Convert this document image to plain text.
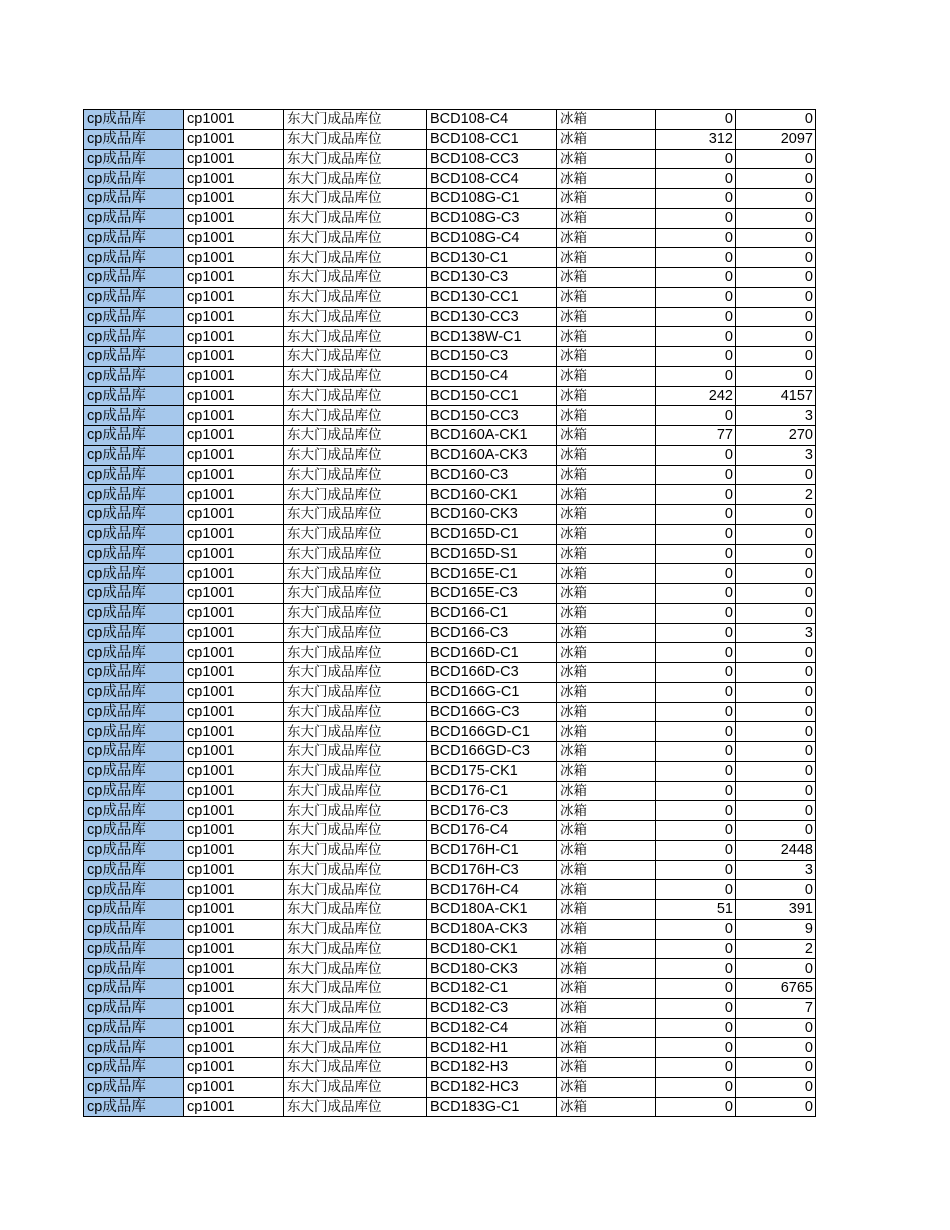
cp成品库	cp1001	东大门成品库位	BCD108-C4	冰箱	0	0
cp成品库	cp1001	东大门成品库位	BCD108-CC1	冰箱	312	2097
cp成品库	cp1001	东大门成品库位	BCD108-CC3	冰箱	0	0
cp成品库	cp1001	东大门成品库位	BCD108-CC4	冰箱	0	0
cp成品库	cp1001	东大门成品库位	BCD108G-C1	冰箱	0	0
cp成品库	cp1001	东大门成品库位	BCD108G-C3	冰箱	0	0
cp成品库	cp1001	东大门成品库位	BCD108G-C4	冰箱	0	0
cp成品库	cp1001	东大门成品库位	BCD130-C1	冰箱	0	0
cp成品库	cp1001	东大门成品库位	BCD130-C3	冰箱	0	0
cp成品库	cp1001	东大门成品库位	BCD130-CC1	冰箱	0	0
cp成品库	cp1001	东大门成品库位	BCD130-CC3	冰箱	0	0
cp成品库	cp1001	东大门成品库位	BCD138W-C1	冰箱	0	0
cp成品库	cp1001	东大门成品库位	BCD150-C3	冰箱	0	0
cp成品库	cp1001	东大门成品库位	BCD150-C4	冰箱	0	0
cp成品库	cp1001	东大门成品库位	BCD150-CC1	冰箱	242	4157
cp成品库	cp1001	东大门成品库位	BCD150-CC3	冰箱	0	3
cp成品库	cp1001	东大门成品库位	BCD160A-CK1	冰箱	77	270
cp成品库	cp1001	东大门成品库位	BCD160A-CK3	冰箱	0	3
cp成品库	cp1001	东大门成品库位	BCD160-C3	冰箱	0	0
cp成品库	cp1001	东大门成品库位	BCD160-CK1	冰箱	0	2
cp成品库	cp1001	东大门成品库位	BCD160-CK3	冰箱	0	0
cp成品库	cp1001	东大门成品库位	BCD165D-C1	冰箱	0	0
cp成品库	cp1001	东大门成品库位	BCD165D-S1	冰箱	0	0
cp成品库	cp1001	东大门成品库位	BCD165E-C1	冰箱	0	0
cp成品库	cp1001	东大门成品库位	BCD165E-C3	冰箱	0	0
cp成品库	cp1001	东大门成品库位	BCD166-C1	冰箱	0	0
cp成品库	cp1001	东大门成品库位	BCD166-C3	冰箱	0	3
cp成品库	cp1001	东大门成品库位	BCD166D-C1	冰箱	0	0
cp成品库	cp1001	东大门成品库位	BCD166D-C3	冰箱	0	0
cp成品库	cp1001	东大门成品库位	BCD166G-C1	冰箱	0	0
cp成品库	cp1001	东大门成品库位	BCD166G-C3	冰箱	0	0
cp成品库	cp1001	东大门成品库位	BCD166GD-C1	冰箱	0	0
cp成品库	cp1001	东大门成品库位	BCD166GD-C3	冰箱	0	0
cp成品库	cp1001	东大门成品库位	BCD175-CK1	冰箱	0	0
cp成品库	cp1001	东大门成品库位	BCD176-C1	冰箱	0	0
cp成品库	cp1001	东大门成品库位	BCD176-C3	冰箱	0	0
cp成品库	cp1001	东大门成品库位	BCD176-C4	冰箱	0	0
cp成品库	cp1001	东大门成品库位	BCD176H-C1	冰箱	0	2448
cp成品库	cp1001	东大门成品库位	BCD176H-C3	冰箱	0	3
cp成品库	cp1001	东大门成品库位	BCD176H-C4	冰箱	0	0
cp成品库	cp1001	东大门成品库位	BCD180A-CK1	冰箱	51	391
cp成品库	cp1001	东大门成品库位	BCD180A-CK3	冰箱	0	9
cp成品库	cp1001	东大门成品库位	BCD180-CK1	冰箱	0	2
cp成品库	cp1001	东大门成品库位	BCD180-CK3	冰箱	0	0
cp成品库	cp1001	东大门成品库位	BCD182-C1	冰箱	0	6765
cp成品库	cp1001	东大门成品库位	BCD182-C3	冰箱	0	7
cp成品库	cp1001	东大门成品库位	BCD182-C4	冰箱	0	0
cp成品库	cp1001	东大门成品库位	BCD182-H1	冰箱	0	0
cp成品库	cp1001	东大门成品库位	BCD182-H3	冰箱	0	0
cp成品库	cp1001	东大门成品库位	BCD182-HC3	冰箱	0	0
cp成品库	cp1001	东大门成品库位	BCD183G-C1	冰箱	0	0
